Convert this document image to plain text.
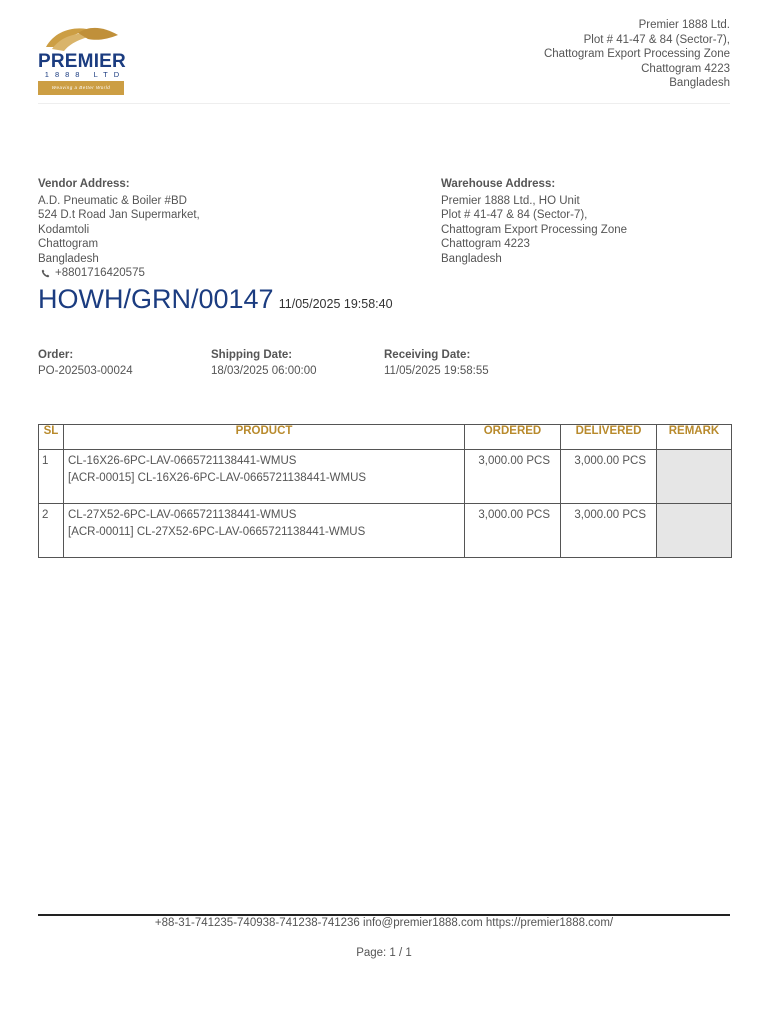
PREMIER
1888 LTD
Weaving a Better World
Premier 1888 Ltd.
Plot # 41-47 & 84 (Sector-7),
Chattogram Export Processing Zone
Chattogram 4223
Bangladesh
Vendor Address:
A.D. Pneumatic & Boiler #BD
524 D.t Road Jan Supermarket,
Kodamtoli
Chattogram
Bangladesh
+8801716420575
Warehouse Address:
Premier 1888 Ltd., HO Unit
Plot # 41-47 & 84 (Sector-7),
Chattogram Export Processing Zone
Chattogram 4223
Bangladesh
HOWH/GRN/00147 11/05/2025 19:58:40
Order:
PO-202503-00024
Shipping Date:
18/03/2025 06:00:00
Receiving Date:
11/05/2025 19:58:55
SL	PRODUCT	ORDERED	DELIVERED	REMARK
1	CL-16X26-6PC-LAV-0665721138441-WMUS
[ACR-00015] CL-16X26-6PC-LAV-0665721138441-WMUS	3,000.00 PCS	3,000.00 PCS	
2	CL-27X52-6PC-LAV-0665721138441-WMUS
[ACR-00011] CL-27X52-6PC-LAV-0665721138441-WMUS	3,000.00 PCS	3,000.00 PCS	
+88-31-741235-740938-741238-741236 info@premier1888.com https://premier1888.com/
Page: 1 / 1
